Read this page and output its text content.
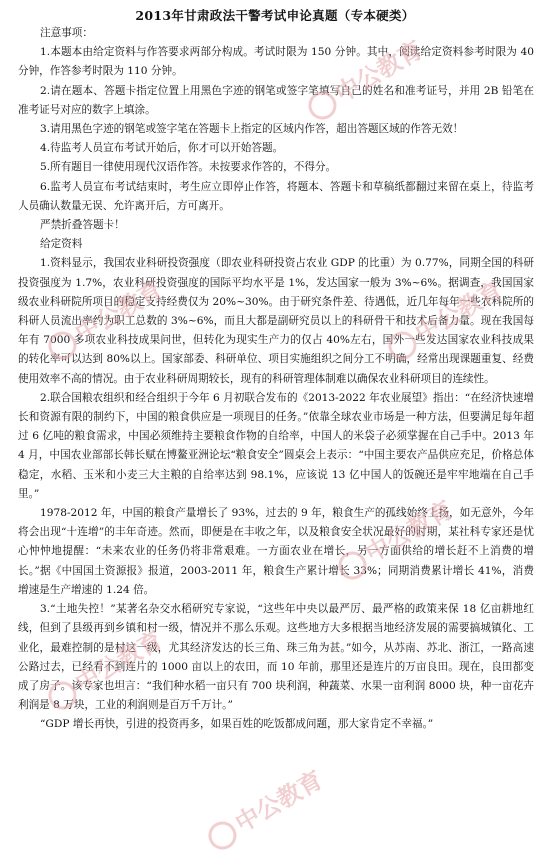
2013年甘肃政法干警考试申论真题（专本硬类）

注意事项：

1.本题本由给定资料与作答要求两部分构成。考试时限为 150 分钟。其中，阅读给定资料参考时限为 40 分钟，作答参考时限为 110 分钟。

2.请在题本、答题卡指定位置上用黑色字迹的钢笔或签字笔填写自己的姓名和准考证号，并用 2B 铅笔在准考证号对应的数字上填涂。

3.请用黑色字迹的钢笔或签字笔在答题卡上指定的区域内作答，超出答题区域的作答无效！

4.待监考人员宣布考试开始后，你才可以开始答题。

5.所有题目一律使用现代汉语作答。未按要求作答的，不得分。

6.监考人员宣布考试结束时，考生应立即停止作答，将题本、答题卡和草稿纸都翻过来留在桌上，待监考人员确认数量无误、允许离开后，方可离开。

严禁折叠答题卡！

给定资料

1.资料显示，我国农业科研投资强度（即农业科研投资占农业 GDP 的比重）为 0.77%，同期全国的科研投资强度为 1.7%，农业科研投资强度的国际平均水平是 1%，发达国家一般为 3%~6%。据调查，我国国家级农业科研院所项目的稳定支持经费仅为 20%~30%。由于研究条件差、待遇低，近几年每年一些农科院所的科研人员流出率约为职工总数的 3%~6%，而且大都是副研究员以上的科研骨干和技术后备力量。现在我国每年有 7000 多项农业科技成果问世，但转化为现实生产力的仅占 40%左右，国外一些发达国家农业科技成果的转化率可以达到 80%以上。国家部委、科研单位、项目实施组织之间分工不明确，经常出现课题重复、经费使用效率不高的情况。由于农业科研周期较长，现有的科研管理体制难以确保农业科研项目的连续性。

2.联合国粮农组织和经合组织于今年 6 月初联合发布的《2013-2022 年农业展望》指出：“在经济快速增长和资源有限的制约下，中国的粮食供应是一项现目的任务。”依靠全球农业市场是一种方法，但要满足每年超过 6 亿吨的粮食需求，中国必须维持主要粮食作物的自给率，中国人的米袋子必须掌握在自己手中。2013 年 4 月，中国农业部部长韩长赋在博鳌亚洲论坛“粮食安全”圆桌会上表示：“中国主要农产品供应充足，价格总体稳定，水稻、玉米和小麦三大主粮的自给率达到 98.1%，应该说 13 亿中国人的饭碗还是牢牢地端在自己手里。”

1978-2012 年，中国的粮食产量增长了 93%，过去的 9 年，粮食生产的孤线始终上扬，如无意外，今年将会出现“十连增”的丰年奇迹。然而，即便是在丰收之年，以及粮食安全状况最好的时期，某社科专家还是忧心忡忡地提醒：“未来农业的任务仍将非常艰难。一方面农业在增长，另一方面供给的增长赶不上消费的增长。”据《中国国土资源报》报道，2003-2011 年，粮食生产累计增长 33%；同期消费累计增长 41%，消费增速是生产增速的 1.24 倍。

3.“土地失控！”某著名杂交水稻研究专家说，“这些年中央以最严厉、最严格的政策来保 18 亿亩耕地红线，但到了县级再到乡镇和村一级，情况并不那么乐观。这些地方大多根据当地经济发展的需要搞城镇化、工业化，最难控制的是村这一级，尤其经济发达的长三角、珠三角为甚。”如今，从苏南、苏北、浙江，一路高速公路过去，已经看不到连片的 1000 亩以上的农田，而 10 年前，那里还是连片的万亩良田。现在，良田都变成了房子。该专家也坦言：“我们种水稻一亩只有 700 块利润，种蔬菜、水果一亩利润 8000 块，种一亩花卉利润是 8 万块，工业的利润则是百万千万计。”

“GDP 增长再快，引进的投资再多，如果百姓的吃饭都成问题，那大家肯定不幸福。”

中公教育
中公教育	中公教育
中公教育
中公教育
中公教育
